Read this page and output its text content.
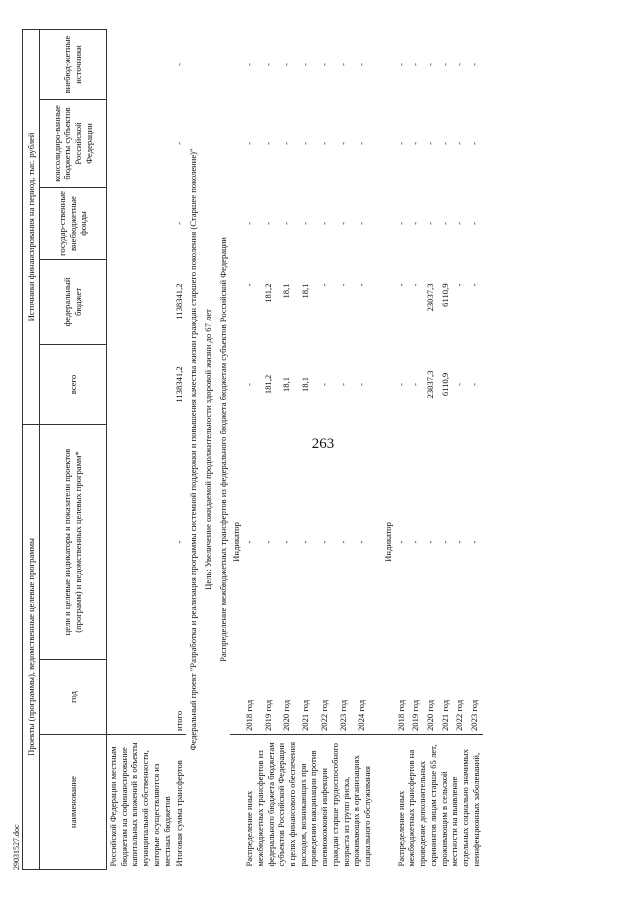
263
Проекты (программы), ведомственные целевые программы			Источники финансирования на период, тыс. рублей				
наименование	год	цели и целевые индикаторы и показатели проектов (программ) и ведомственных целевых программ*					
			всего	федеральный бюджет	государ-ственные внебюджетные фонды	консолидиро-ванные бюджеты субъектов Российской Федерации	внебюд-жетные источники
Российской Федерации местным бюджетам на софинансирование капитальных вложений в объекты муниципальной собственности, которые осуществляются из местных бюджетов							
Итоговая сумма трансфертов	итого	-	1138341,2	1138341,2	-	-	-
Федеральный проект "Разработка и реализация программы системной поддержки и повышения качества жизни граждан старшего поколения (Старшее поколение)"							
Цель: Увеличение ожидаемой продолжительности здоровой жизни до 67 лет							
Распределение межбюджетных трансфертов из федерального бюджета бюджетам субъектов Российской Федерации							
		Индикатор					
Распределение иных межбюджетных трансфертов из федерального бюджета бюджетам субъектов Российской Федерации в целях финансового обеспечения расходов, возникающих при проведении вакцинации против пневмококковой инфекции граждан старше трудоспособного возраста из групп риска, проживающих в организациях социального обслуживания	2018 год	-	-	-	-	-	-
	2019 год	-	181,2	181,2	-	-	-
	2020 год	-	18,1	18,1	-	-	-
	2021 год	-	18,1	18,1	-	-	-
	2022 год	-	-	-	-	-	-
	2023 год	-	-	-	-	-	-
	2024 год	-	-	-	-	-	-

		Индикатор					
Распределение иных межбюджетных трансфертов на проведение дополнительных скринингов лицам старше 65 лет, проживающим в сельской местности на выявление отдельных социально значимых неинфекционных заболеваний,	2018 год	-	-	-	-	-	-
	2019 год	-	-	-	-	-	-
	2020 год	-	23037,3	23037,3	-	-	-
	2021 год	-	6110,9	6110,9	-	-	-
	2022 год	-	-	-	-	-	-
	2023 год	-	-	-	-	-	-
29031527.doc
